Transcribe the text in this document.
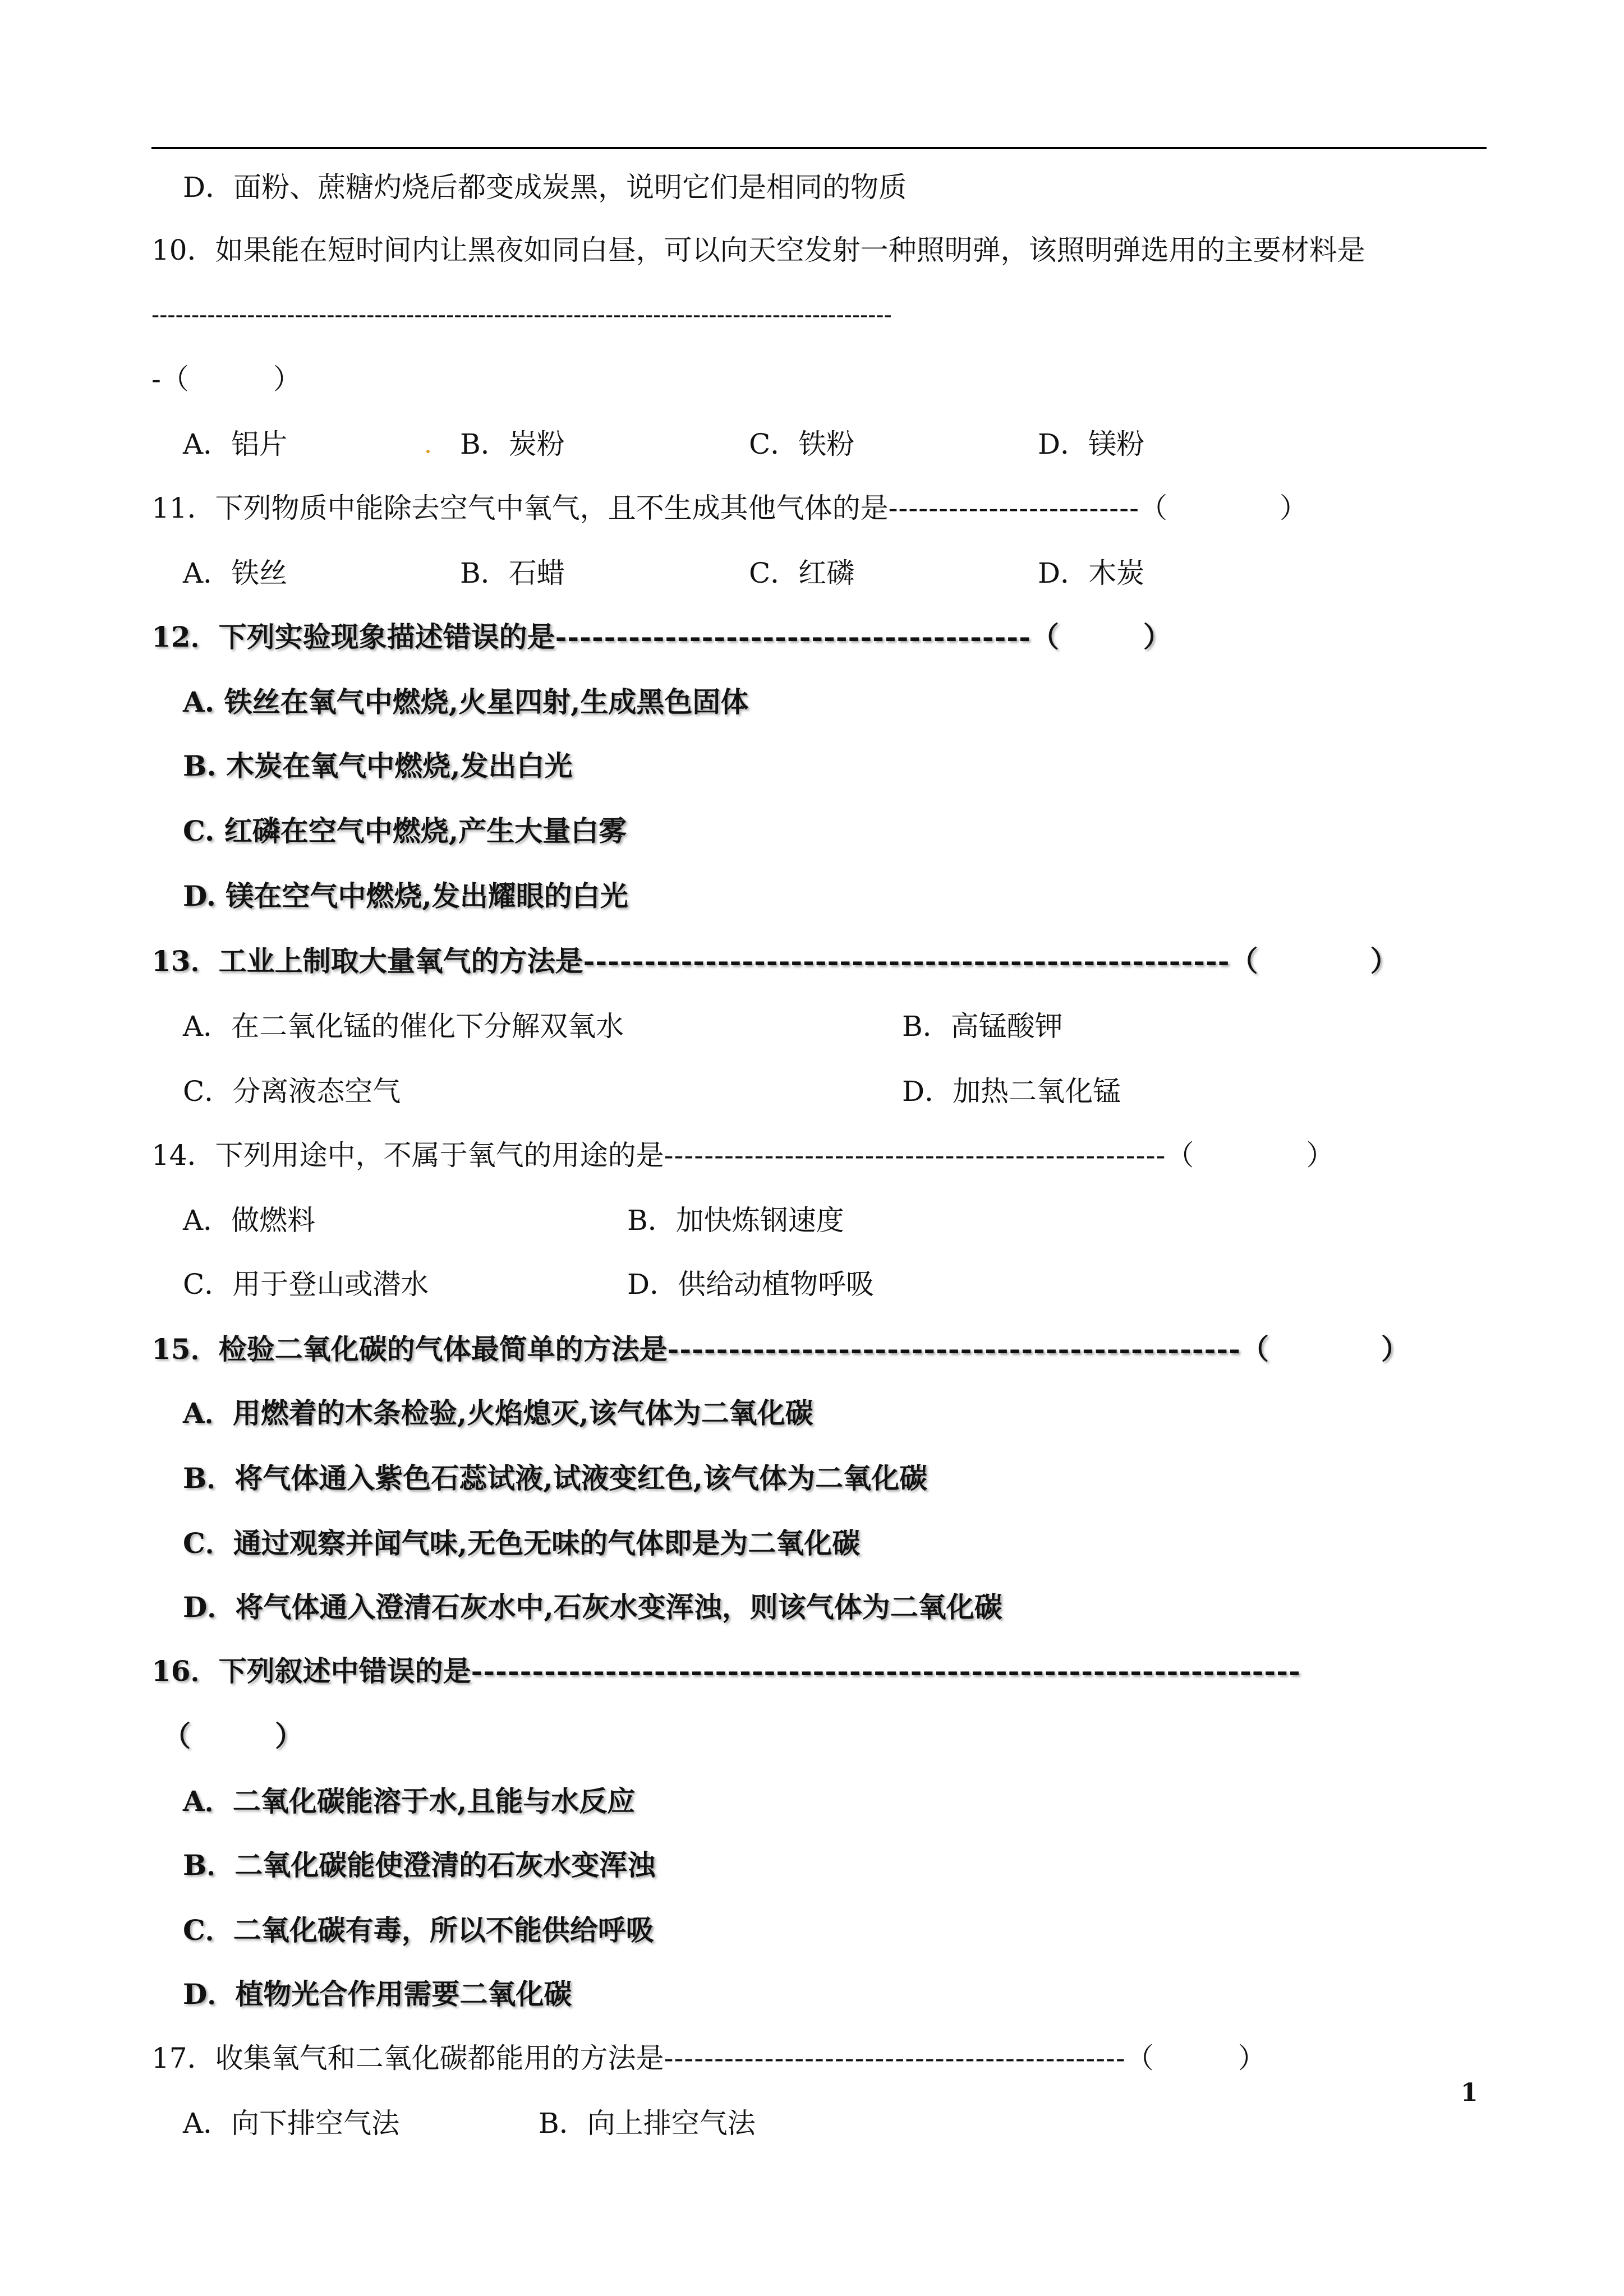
D．面粉、蔗糖灼烧后都变成炭黑，说明它们是相同的物质
10．如果能在短时间内让黑夜如同白昼，可以向天空发射一种照明弹，该照明弹选用的主要材料是
---------------------------------------------------------------------------------------------
-（　　　）
A．铝片	B．炭粉	C．铁粉	D．镁粉
11．下列物质中能除去空气中氧气，且不生成其他气体的是-------------------------（　　　　）
A．铁丝	B．石蜡	C．红磷	D．木炭
12．下列实验现象描述错误的是---------------------------------------（　　　）
A. 铁丝在氧气中燃烧,火星四射,生成黑色固体
B. 木炭在氧气中燃烧,发出白光
C. 红磷在空气中燃烧,产生大量白雾
D. 镁在空气中燃烧,发出耀眼的白光
13．工业上制取大量氧气的方法是-----------------------------------------------------（　　　　）
A．在二氧化锰的催化下分解双氧水	B．高锰酸钾
C．分离液态空气	D．加热二氧化锰
14．下列用途中，不属于氧气的用途的是--------------------------------------------------（　　　　）
A．做燃料	B．加快炼钢速度
C．用于登山或潜水	D．供给动植物呼吸
15．检验二氧化碳的气体最简单的方法是-----------------------------------------------（　　　　）
A．用燃着的木条检验,火焰熄灭,该气体为二氧化碳
B．将气体通入紫色石蕊试液,试液变红色,该气体为二氧化碳
C．通过观察并闻气味,无色无味的气体即是为二氧化碳
D．将气体通入澄清石灰水中,石灰水变浑浊，则该气体为二氧化碳
16．下列叙述中错误的是--------------------------------------------------------------------
（　　　）
A．二氧化碳能溶于水,且能与水反应
B．二氧化碳能使澄清的石灰水变浑浊
C．二氧化碳有毒，所以不能供给呼吸
D．植物光合作用需要二氧化碳
17．收集氧气和二氧化碳都能用的方法是----------------------------------------------（　　　）
A．向下排空气法	B．向上排空气法
1
